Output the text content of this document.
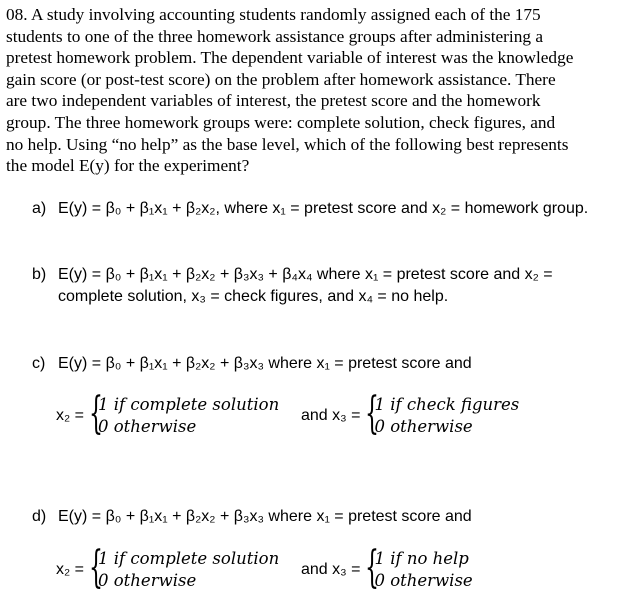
08. A study involving accounting students randomly assigned each of the 175
students to one of the three homework assistance groups after administering a
pretest homework problem. The dependent variable of interest was the knowledge
gain score (or post-test score) on the problem after homework assistance. There
are two independent variables of interest, the pretest score and the homework
group. The three homework groups were: complete solution, check figures, and
no help. Using “no help” as the base level, which of the following best represents
the model E(y) for the experiment?
a) E(y) = β₀ + β₁x₁ + β₂x₂, where x₁ = pretest score and x₂ = homework group.
b) E(y) = β₀ + β₁x₁ + β₂x₂ + β₃x₃ + β₄x₄ where x₁ = pretest score and x₂ =
complete solution, x₃ = check figures, and x₄ = no help.
c) E(y) = β₀ + β₁x₁ + β₂x₂ + β₃x₃ where x₁ = pretest score and
x₂ = {
1 if complete solution
0 otherwise
and x₃ = {
1 if check figures
0 otherwise
d) E(y) = β₀ + β₁x₁ + β₂x₂ + β₃x₃ where x₁ = pretest score and
x₂ = {
1 if complete solution
0 otherwise
and x₃ = {
1 if no help
0 otherwise
